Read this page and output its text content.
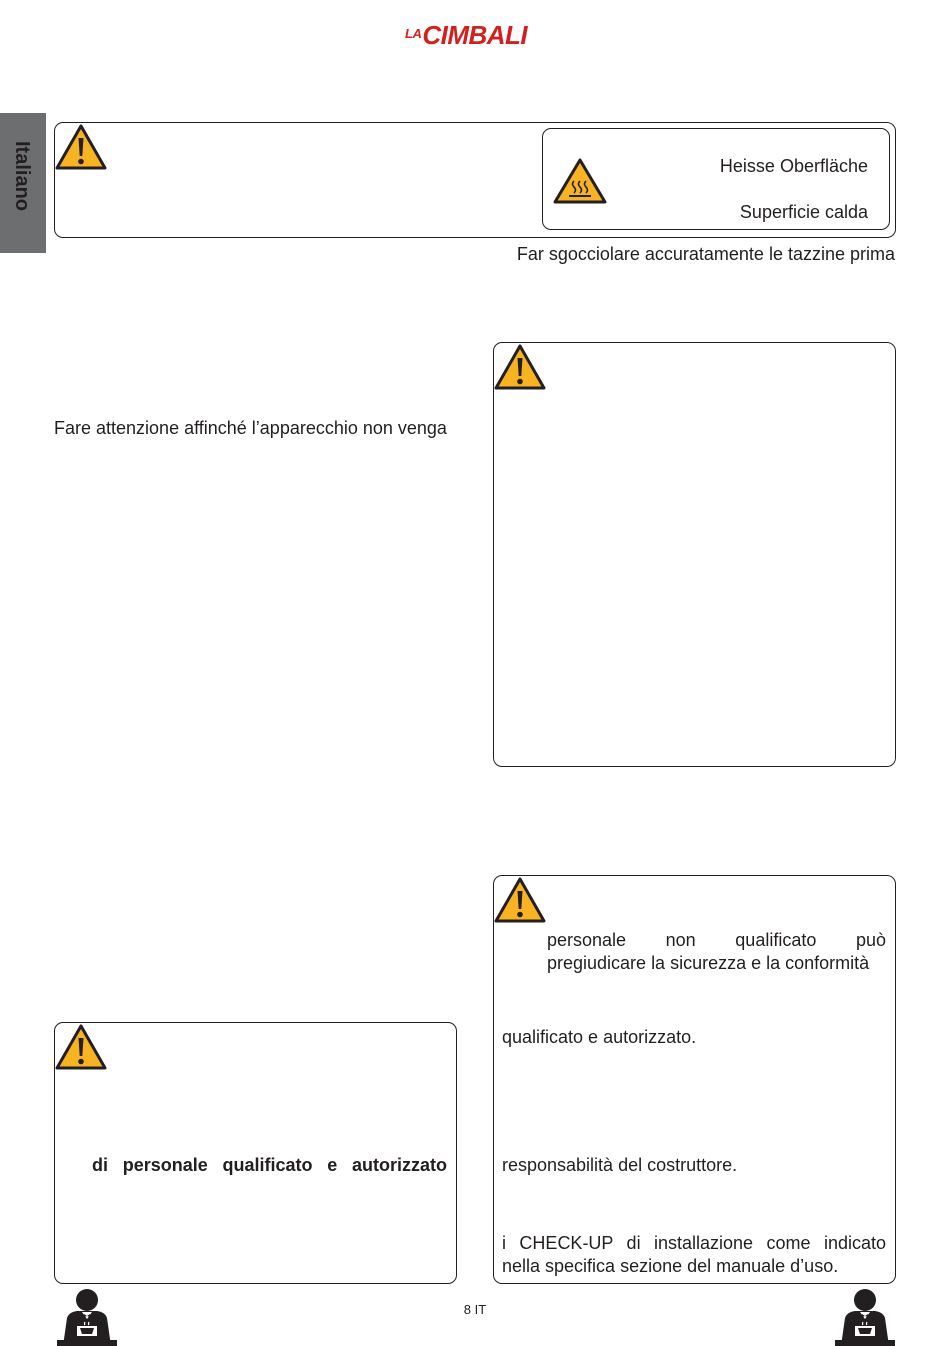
$^{LA}$CIMBALI
Italiano	Heisse Oberfläche
Superficie calda
Far sgocciolare accuratamente le tazzine prima
Fare attenzione affinché l’apparecchio non venga
personale non qualificato può
pregiudicare la sicurezza e la conformità
qualificato e autorizzato.
responsabilità del costruttore.
i CHECK-UP di installazione come indicato
nella specifica sezione del manuale d’uso.
di personale qualificato e autorizzato
8 IT
